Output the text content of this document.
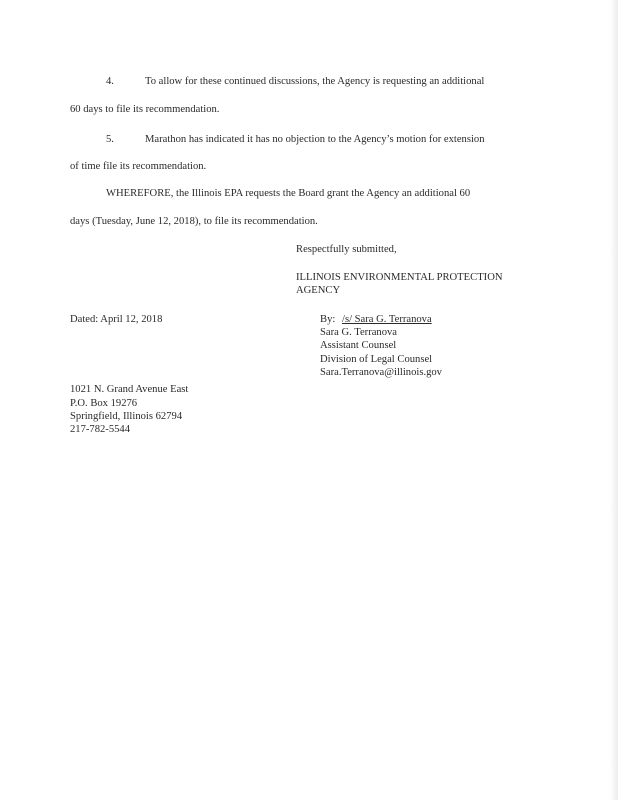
4.	To allow for these continued discussions, the Agency is requesting an additional
60 days to file its recommendation.
5.	Marathon has indicated it has no objection to the Agency’s motion for extension
of time file its recommendation.
WHEREFORE, the Illinois EPA requests the Board grant the Agency an additional 60
days (Tuesday, June 12, 2018), to file its recommendation.
Respectfully submitted,
ILLINOIS ENVIRONMENTAL PROTECTION
AGENCY
Dated: April 12, 2018	By: /s/ Sara G. Terranova
Sara G. Terranova
Assistant Counsel
Division of Legal Counsel
Sara.Terranova@illinois.gov
1021 N. Grand Avenue East
P.O. Box 19276
Springfield, Illinois 62794
217-782-5544
